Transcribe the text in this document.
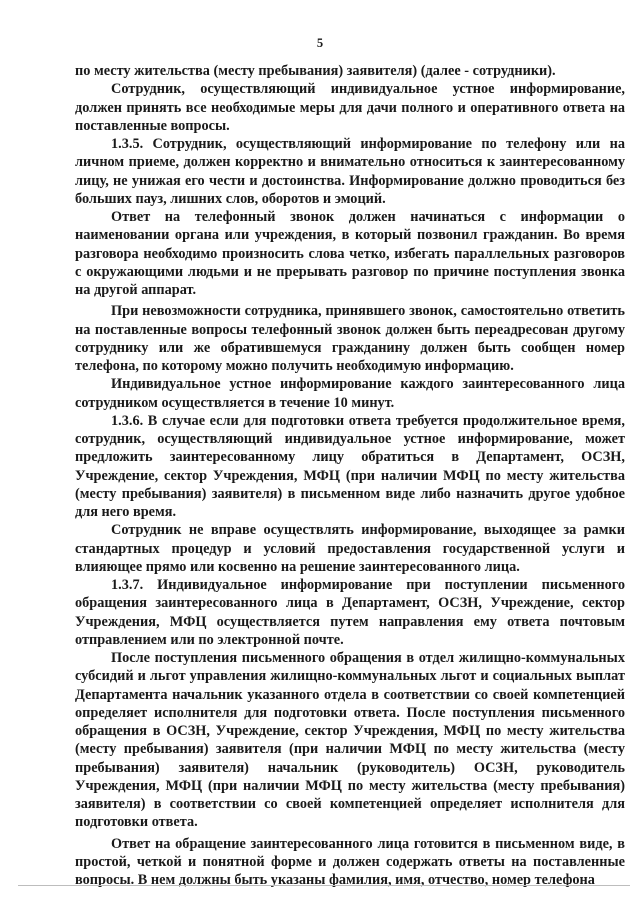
5

по месту жительства (месту пребывания) заявителя) (далее - сотрудники).

Сотрудник, осуществляющий индивидуальное устное информирование, должен принять все необходимые меры для дачи полного и оперативного ответа на поставленные вопросы.

1.3.5. Сотрудник, осуществляющий информирование по телефону или на личном приеме, должен корректно и внимательно относиться к заинтересованному лицу, не унижая его чести и достоинства. Информирование должно проводиться без больших пауз, лишних слов, оборотов и эмоций.

Ответ на телефонный звонок должен начинаться с информации о наименовании органа или учреждения, в который позвонил гражданин. Во время разговора необходимо произносить слова четко, избегать параллельных разговоров с окружающими людьми и не прерывать разговор по причине поступления звонка на другой аппарат.

При невозможности сотрудника, принявшего звонок, самостоятельно ответить на поставленные вопросы телефонный звонок должен быть переадресован другому сотруднику или же обратившемуся гражданину должен быть сообщен номер телефона, по которому можно получить необходимую информацию.

Индивидуальное устное информирование каждого заинтересованного лица сотрудником осуществляется в течение 10 минут.

1.3.6. В случае если для подготовки ответа требуется продолжительное время, сотрудник, осуществляющий индивидуальное устное информирование, может предложить заинтересованному лицу обратиться в Департамент, ОСЗН, Учреждение, сектор Учреждения, МФЦ (при наличии МФЦ по месту жительства (месту пребывания) заявителя) в письменном виде либо назначить другое удобное для него время.

Сотрудник не вправе осуществлять информирование, выходящее за рамки стандартных процедур и условий предоставления государственной услуги и влияющее прямо или косвенно на решение заинтересованного лица.

1.3.7. Индивидуальное информирование при поступлении письменного обращения заинтересованного лица в Департамент, ОСЗН, Учреждение, сектор Учреждения, МФЦ осуществляется путем направления ему ответа почтовым отправлением или по электронной почте.

После поступления письменного обращения в отдел жилищно-коммунальных субсидий и льгот управления жилищно-коммунальных льгот и социальных выплат Департамента начальник указанного отдела в соответствии со своей компетенцией определяет исполнителя для подготовки ответа. После поступления письменного обращения в ОСЗН, Учреждение, сектор Учреждения, МФЦ по месту жительства (месту пребывания) заявителя (при наличии МФЦ по месту жительства (месту пребывания) заявителя) начальник (руководитель) ОСЗН, руководитель Учреждения, МФЦ (при наличии МФЦ по месту жительства (месту пребывания) заявителя) в соответствии со своей компетенцией определяет исполнителя для подготовки ответа.

Ответ на обращение заинтересованного лица готовится в письменном виде, в простой, четкой и понятной форме и должен содержать ответы на поставленные вопросы. В нем должны быть указаны фамилия, имя, отчество, номер телефона
